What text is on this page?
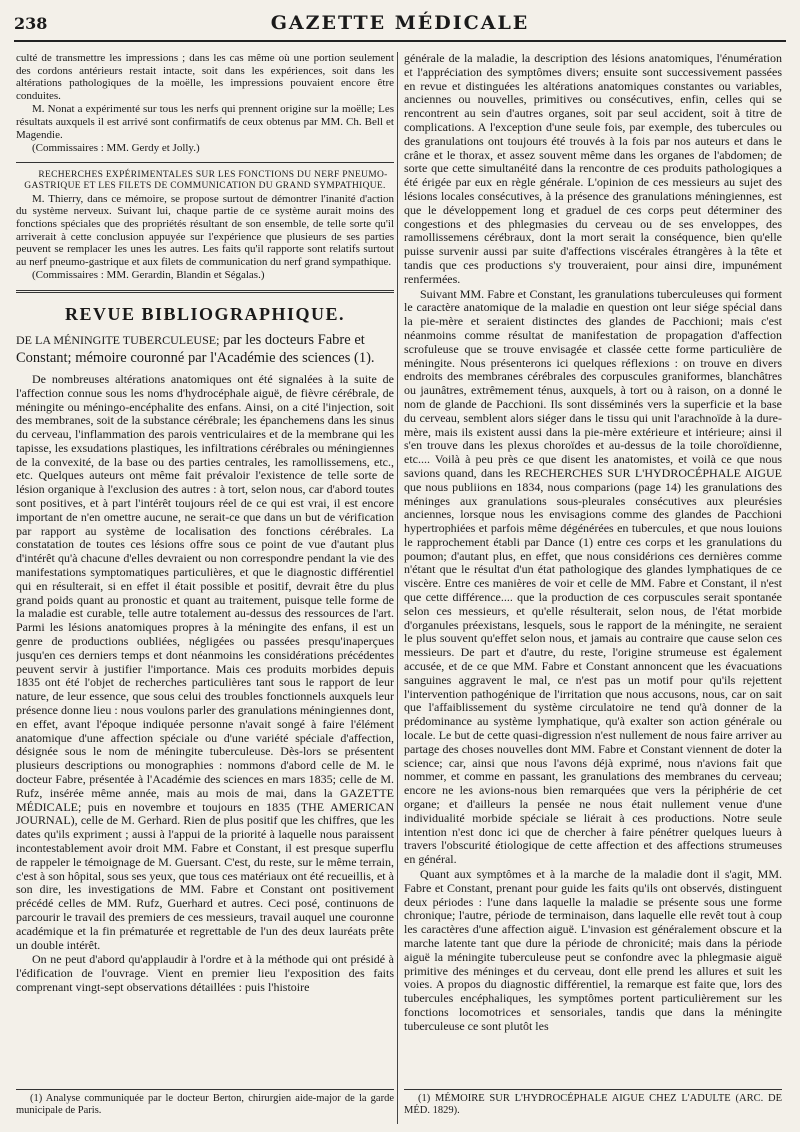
238	GAZETTE MÉDICALE

culté de transmettre les impressions ; dans les cas même où une portion seulement des cordons antérieurs restait intacte, soit dans les expériences, soit dans les altérations pathologiques de la moëlle, les impressions pouvaient encore être conduites.

M. Nonat a expérimenté sur tous les nerfs qui prennent origine sur la moëlle; Les résultats auxquels il est arrivé sont confirmatifs de ceux obtenus par MM. Ch. Bell et Magendie.

(Commissaires : MM. Gerdy et Jolly.)

RECHERCHES EXPÉRIMENTALES SUR LES FONCTIONS DU NERF PNEUMO-GASTRIQUE ET LES FILETS DE COMMUNICATION DU GRAND SYMPATHIQUE.

M. Thierry, dans ce mémoire, se propose surtout de démontrer l'inanité d'action du système nerveux. Suivant lui, chaque partie de ce système aurait moins des fonctions spéciales que des propriétés résultant de son ensemble, de telle sorte qu'il arriverait à cette conclusion appuyée sur l'expérience que plusieurs de ses parties peuvent se remplacer les unes les autres. Les faits qu'il rapporte sont relatifs surtout au nerf pneumo-gastrique et aux filets de communication du nerf grand sympathique.

(Commissaires : MM. Gerardin, Blandin et Ségalas.)

REVUE BIBLIOGRAPHIQUE.
DE LA MÉNINGITE TUBERCULEUSE; par les docteurs Fabre et Constant; mémoire couronné par l'Académie des sciences (1).

De nombreuses altérations anatomiques ont été signalées à la suite de l'affection connue sous les noms d'hydrocéphale aiguë, de fièvre cérébrale, de méningite ou méningo-encéphalite des enfans. Ainsi, on a cité l'injection, soit des membranes, soit de la substance cérébrale; les épanchemens dans les sinus du cerveau, l'inflammation des parois ventriculaires et de la membrane qui les tapisse, les exsudations plastiques, les infiltrations cérébrales ou méningiennes de la convexité, de la base ou des parties centrales, les ramollissemens, etc., etc. Quelques auteurs ont même fait prévaloir l'existence de telle sorte de lésion organique à l'exclusion des autres : à tort, selon nous, car d'abord toutes sont positives, et à part l'intérêt toujours réel de ce qui est vrai, il est encore important de n'en omettre aucune, ne serait-ce que dans un but de vérification par rapport au système de localisation des fonctions cérébrales. La constatation de toutes ces lésions offre sous ce point de vue d'autant plus d'intérêt qu'à chacune d'elles devraient ou non correspondre pendant la vie des manifestations symptomatiques particulières, et que le diagnostic différentiel qui en résulterait, si en effet il était possible et positif, devrait être du plus grand poids quant au pronostic et quant au traitement, puisque telle forme de la maladie est curable, telle autre totalement au-dessus des ressources de l'art. Parmi les lésions anatomiques propres à la méningite des enfans, il est un genre de productions oubliées, négligées ou passées presqu'inaperçues jusqu'en ces derniers temps et dont néanmoins les considérations précédentes peuvent servir à justifier l'importance. Mais ces produits morbides depuis 1835 ont été l'objet de recherches particulières tant sous le rapport de leur nature, de leur essence, que sous celui des troubles fonctionnels auxquels leur présence donne lieu : nous voulons parler des granulations méningiennes dont, en effet, avant l'époque indiquée personne n'avait songé à faire l'élément anatomique d'une affection spéciale ou d'une variété spéciale d'affection, désignée sous le nom de méningite tuberculeuse. Dès-lors se présentent plusieurs descriptions ou monographies : nommons d'abord celle de M. le docteur Fabre, présentée à l'Académie des sciences en mars 1835; celle de M. Rufz, insérée même année, mais au mois de mai, dans la GAZETTE MÉDICALE; puis en novembre et toujours en 1835 (THE AMERICAN JOURNAL), celle de M. Gerhard. Rien de plus positif que les chiffres, que les dates qu'ils expriment ; aussi à l'appui de la priorité à laquelle nous paraissent incontestablement avoir droit MM. Fabre et Constant, il est presque superflu de rappeler le témoignage de M. Guersant. C'est, du reste, sur le même terrain, c'est à son hôpital, sous ses yeux, que tous ces matériaux ont été recueillis, et à son dire, les investigations de MM. Fabre et Constant ont positivement précédé celles de MM. Rufz, Guerhard et autres. Ceci posé, continuons de parcourir le travail des premiers de ces messieurs, travail auquel une couronne académique et la fin prématurée et regrettable de l'un des deux lauréats prête un double intérêt.

On ne peut d'abord qu'applaudir à l'ordre et à la méthode qui ont présidé à l'édification de l'ouvrage. Vient en premier lieu l'exposition des faits comprenant vingt-sept observations détaillées : puis l'histoire

(1) Analyse communiquée par le docteur Berton, chirurgien aide-major de la garde municipale de Paris.

générale de la maladie, la description des lésions anatomiques, l'énumération et l'appréciation des symptômes divers; ensuite sont successivement passées en revue et distinguées les altérations anatomiques constantes ou variables, anciennes ou nouvelles, primitives ou consécutives, enfin, celles qui se rencontrent au sein d'autres organes, soit par seul accident, soit à titre de complications. A l'exception d'une seule fois, par exemple, des tubercules ou des granulations ont toujours été trouvés à la fois par nos auteurs et dans le crâne et le thorax, et assez souvent même dans les organes de l'abdomen; de sorte que cette simultanéité dans la rencontre de ces produits pathologiques a été érigée par eux en règle générale. L'opinion de ces messieurs au sujet des lésions locales consécutives, à la présence des granulations méningiennes, est que le développement long et graduel de ces corps peut déterminer des congestions et des phlegmasies du cerveau ou de ses enveloppes, des ramollissemens cérébraux, dont la mort serait la conséquence, bien qu'elle puisse survenir aussi par suite d'affections viscérales étrangères à la tête et tandis que ces productions s'y trouveraient, pour ainsi dire, impunément renfermées.

Suivant MM. Fabre et Constant, les granulations tuberculeuses qui forment le caractère anatomique de la maladie en question ont leur siége spécial dans la pie-mère et seraient distinctes des glandes de Pacchioni; mais c'est néanmoins comme résultat de manifestation de propagation d'affection scrofuleuse que se trouve envisagée et classée cette forme particulière de méningite. Nous présenterons ici quelques réflexions : on trouve en divers endroits des membranes cérébrales des corpuscules graniformes, blanchâtres ou jaunâtres, extrêmement ténus, auxquels, à tort ou à raison, on a donné le nom de glande de Pacchioni. Ils sont disséminés vers la superficie et la base du cerveau, semblent alors siéger dans le tissu qui unit l'arachnoïde à la dure-mère, mais ils existent aussi dans la pie-mère extérieure et intérieure; ainsi il s'en trouve dans les plexus choroïdes et au-dessus de la toile choroïdienne, etc.... Voilà à peu près ce que disent les anatomistes, et voilà ce que nous savions quand, dans les RECHERCHES SUR L'HYDROCÉPHALE AIGUE que nous publiions en 1834, nous comparions (page 14) les granulations des méninges aux granulations sous-pleurales consécutives aux pleurésies anciennes, lorsque nous les envisagions comme des glandes de Pacchioni hypertrophiées et parfois même dégénérées en tubercules, et que nous louions le rapprochement établi par Dance (1) entre ces corps et les granulations du poumon; d'autant plus, en effet, que nous considérions ces dernières comme n'étant que le résultat d'un état pathologique des glandes lymphatiques de ce viscère. Entre ces manières de voir et celle de MM. Fabre et Constant, il n'est que cette différence.... que la production de ces corpuscules serait spontanée selon ces messieurs, et qu'elle résulterait, selon nous, de l'état morbide d'organules préexistans, lesquels, sous le rapport de la méningite, ne seraient le plus souvent qu'effet selon nous, et jamais au contraire que cause selon ces messieurs. De part et d'autre, du reste, l'origine strumeuse est également accusée, et de ce que MM. Fabre et Constant annoncent que les évacuations sanguines aggravent le mal, ce n'est pas un motif pour qu'ils rejettent l'intervention pathogénique de l'irritation que nous accusons, nous, car on sait que l'affaiblissement du système circulatoire ne tend qu'à donner de la prédominance au système lymphatique, qu'à exalter son action générale ou locale. Le but de cette quasi-digression n'est nullement de nous faire arriver au partage des choses nouvelles dont MM. Fabre et Constant viennent de doter la science; car, ainsi que nous l'avons déjà exprimé, nous n'avions fait que nommer, et comme en passant, les granulations des membranes du cerveau; encore ne les avions-nous bien remarquées que vers la périphérie de cet organe; et d'ailleurs la pensée ne nous était nullement venue d'une individualité morbide spéciale se liérait à ces productions. Notre seule intention n'est donc ici que de chercher à faire pénétrer quelques lueurs à travers l'obscurité étiologique de cette affection et des affections strumeuses en général.

Quant aux symptômes et à la marche de la maladie dont il s'agit, MM. Fabre et Constant, prenant pour guide les faits qu'ils ont observés, distinguent deux périodes : l'une dans laquelle la maladie se présente sous une forme chronique; l'autre, période de terminaison, dans laquelle elle revêt tout à coup les caractères d'une affection aiguë. L'invasion est généralement obscure et la marche latente tant que dure la période de chronicité; mais dans la période aiguë la méningite tuberculeuse peut se confondre avec la phlegmasie aiguë primitive des méninges et du cerveau, dont elle prend les allures et suit les voies. A propos du diagnostic différentiel, la remarque est faite que, lors des tubercules encéphaliques, les symptômes portent particulièrement sur les fonctions locomotrices et sensoriales, tandis que dans la méningite tuberculeuse ce sont plutôt les

(1) MÉMOIRE SUR L'HYDROCÉPHALE AIGUE CHEZ L'ADULTE (ARC. DE MÉD. 1829).
